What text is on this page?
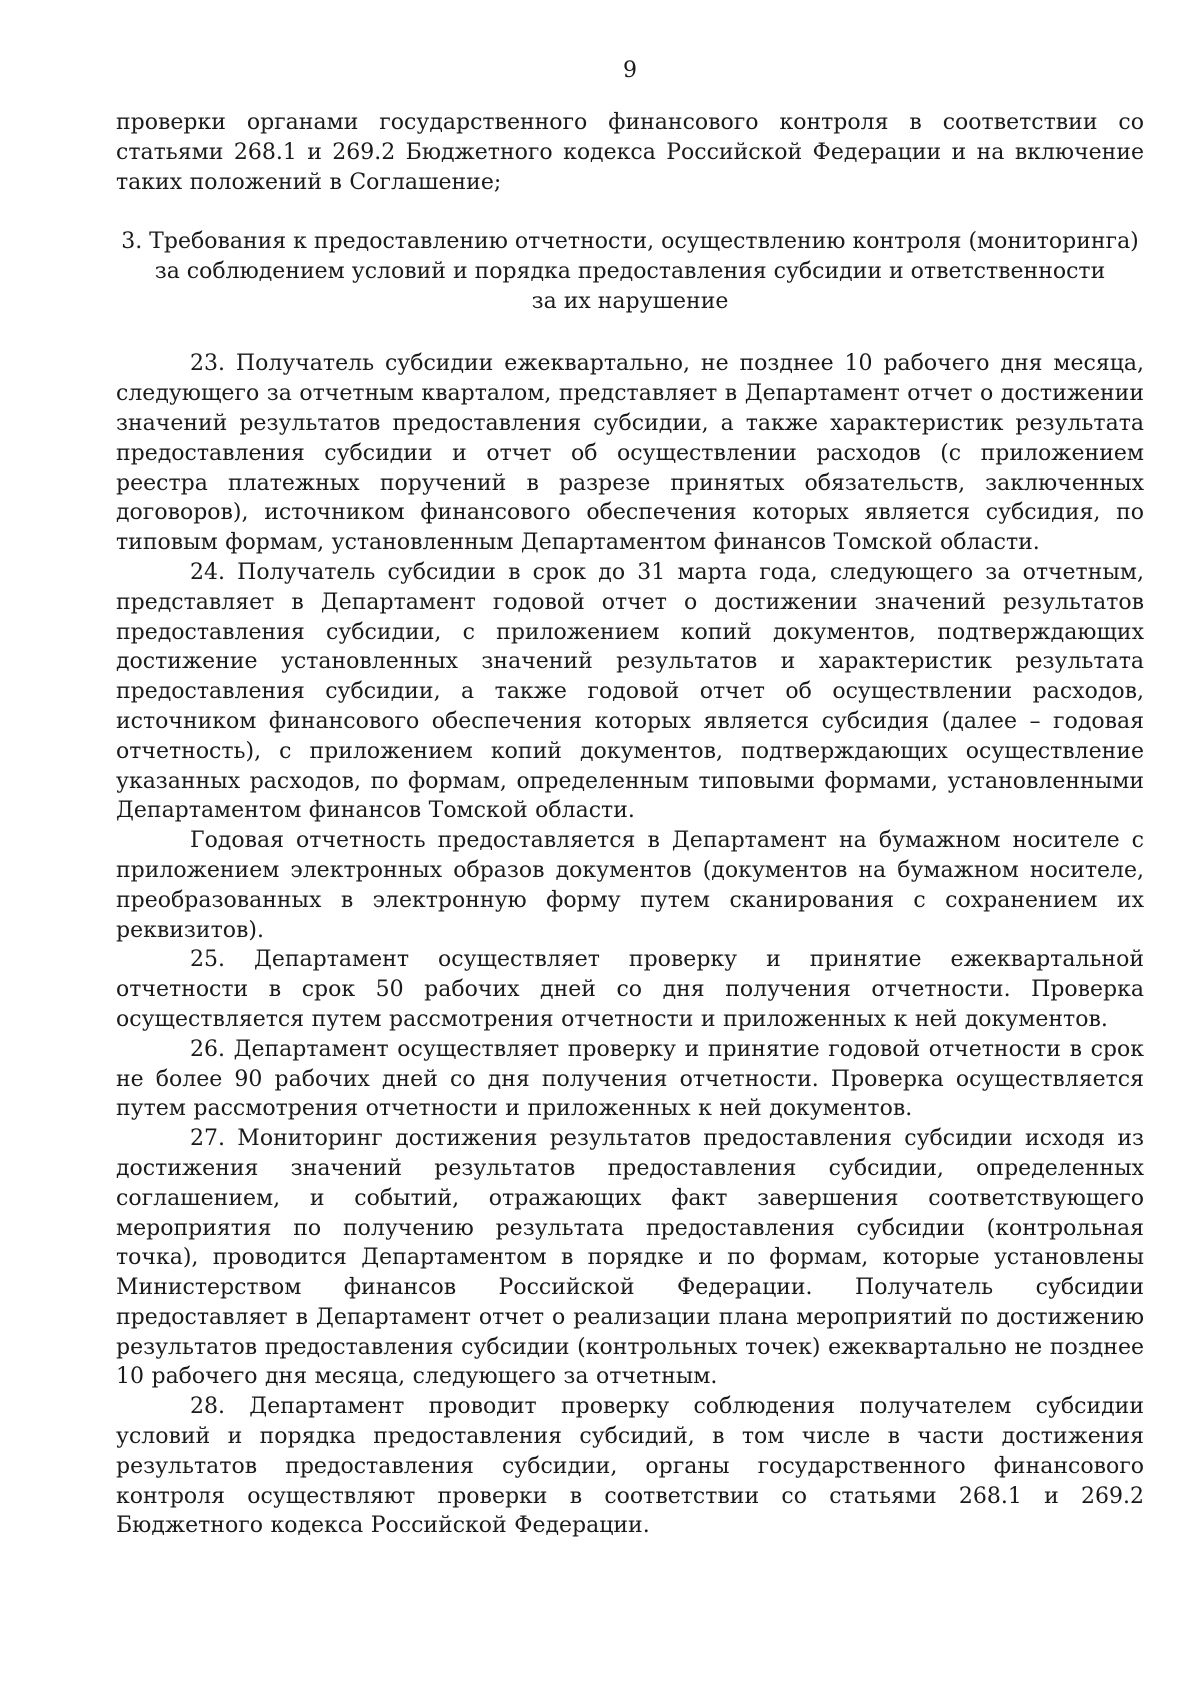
9

проверки органами государственного финансового контроля в соответствии со статьями 268.1 и 269.2 Бюджетного кодекса Российской Федерации и на включение таких положений в Соглашение;

3. Требования к предоставлению отчетности, осуществлению контроля (мониторинга)
за соблюдением условий и порядка предоставления субсидии и ответственности
за их нарушение

23. Получатель субсидии ежеквартально, не позднее 10 рабочего дня месяца, следующего за отчетным кварталом, представляет в Департамент отчет о достижении значений результатов предоставления субсидии, а также характеристик результата предоставления субсидии и отчет об осуществлении расходов (с приложением реестра платежных поручений в разрезе принятых обязательств, заключенных договоров), источником финансового обеспечения которых является субсидия, по типовым формам, установленным Департаментом финансов Томской области.

24. Получатель субсидии в срок до 31 марта года, следующего за отчетным, представляет в Департамент годовой отчет о достижении значений результатов предоставления субсидии, с приложением копий документов, подтверждающих достижение установленных значений результатов и характеристик результата предоставления субсидии, а также годовой отчет об осуществлении расходов, источником финансового обеспечения которых является субсидия (далее – годовая отчетность), с приложением копий документов, подтверждающих осуществление указанных расходов, по формам, определенным типовыми формами, установленными Департаментом финансов Томской области.

Годовая отчетность предоставляется в Департамент на бумажном носителе с приложением электронных образов документов (документов на бумажном носителе, преобразованных в электронную форму путем сканирования с сохранением их реквизитов).

25. Департамент осуществляет проверку и принятие ежеквартальной отчетности в срок 50 рабочих дней со дня получения отчетности. Проверка осуществляется путем рассмотрения отчетности и приложенных к ней документов.

26. Департамент осуществляет проверку и принятие годовой отчетности в срок не более 90 рабочих дней со дня получения отчетности. Проверка осуществляется путем рассмотрения отчетности и приложенных к ней документов.

27. Мониторинг достижения результатов предоставления субсидии исходя из достижения значений результатов предоставления субсидии, определенных соглашением, и событий, отражающих факт завершения соответствующего мероприятия по получению результата предоставления субсидии (контрольная точка), проводится Департаментом в порядке и по формам, которые установлены Министерством финансов Российской Федерации. Получатель субсидии предоставляет в Департамент отчет о реализации плана мероприятий по достижению результатов предоставления субсидии (контрольных точек) ежеквартально не позднее 10 рабочего дня месяца, следующего за отчетным.

28. Департамент проводит проверку соблюдения получателем субсидии условий и порядка предоставления субсидий, в том числе в части достижения результатов предоставления субсидии, органы государственного финансового контроля осуществляют проверки в соответствии со статьями 268.1 и 269.2 Бюджетного кодекса Российской Федерации.
